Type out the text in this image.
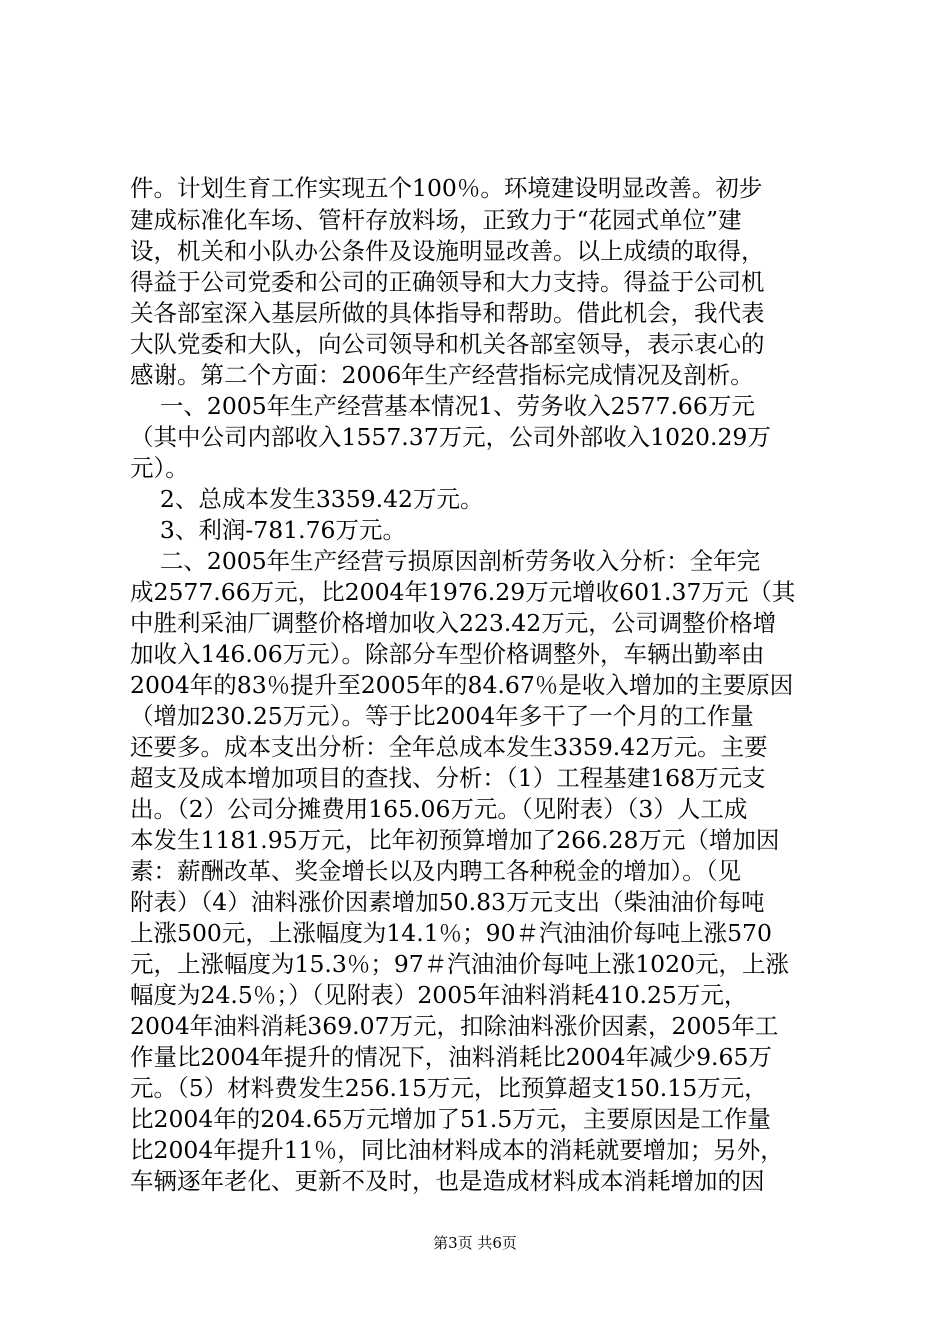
件。计划生育工作实现五个100％。环境建设明显改善。初步
建成标准化车场、管杆存放料场，正致力于“花园式单位”建
设，机关和小队办公条件及设施明显改善。以上成绩的取得，
得益于公司党委和公司的正确领导和大力支持。得益于公司机
关各部室深入基层所做的具体指导和帮助。借此机会，我代表
大队党委和大队，向公司领导和机关各部室领导，表示衷心的
感谢。第二个方面：2006年生产经营指标完成情况及剖析。
一、2005年生产经营基本情况1、劳务收入2577.66万元
（其中公司内部收入1557.37万元，公司外部收入1020.29万
元）。
2、总成本发生3359.42万元。
3、利润-781.76万元。
二、2005年生产经营亏损原因剖析劳务收入分析：全年完
成2577.66万元，比2004年1976.29万元增收601.37万元（其
中胜利采油厂调整价格增加收入223.42万元，公司调整价格增
加收入146.06万元）。除部分车型价格调整外，车辆出勤率由
2004年的83％提升至2005年的84.67％是收入增加的主要原因
（增加230.25万元）。等于比2004年多干了一个月的工作量
还要多。成本支出分析：全年总成本发生3359.42万元。主要
超支及成本增加项目的查找、分析：（1）工程基建168万元支
出。（2）公司分摊费用165.06万元。（见附表）（3）人工成
本发生1181.95万元，比年初预算增加了266.28万元（增加因
素：薪酬改革、奖金增长以及内聘工各种税金的增加）。（见
附表）（4）油料涨价因素增加50.83万元支出（柴油油价每吨
上涨500元，上涨幅度为14.1％；90＃汽油油价每吨上涨570
元，上涨幅度为15.3％；97＃汽油油价每吨上涨1020元，上涨
幅度为24.5％；）（见附表）2005年油料消耗410.25万元，
2004年油料消耗369.07万元，扣除油料涨价因素，2005年工
作量比2004年提升的情况下，油料消耗比2004年减少9.65万
元。（5）材料费发生256.15万元，比预算超支150.15万元，
比2004年的204.65万元增加了51.5万元，主要原因是工作量
比2004年提升11％，同比油材料成本的消耗就要增加；另外，
车辆逐年老化、更新不及时，也是造成材料成本消耗增加的因
第3页 共6页
